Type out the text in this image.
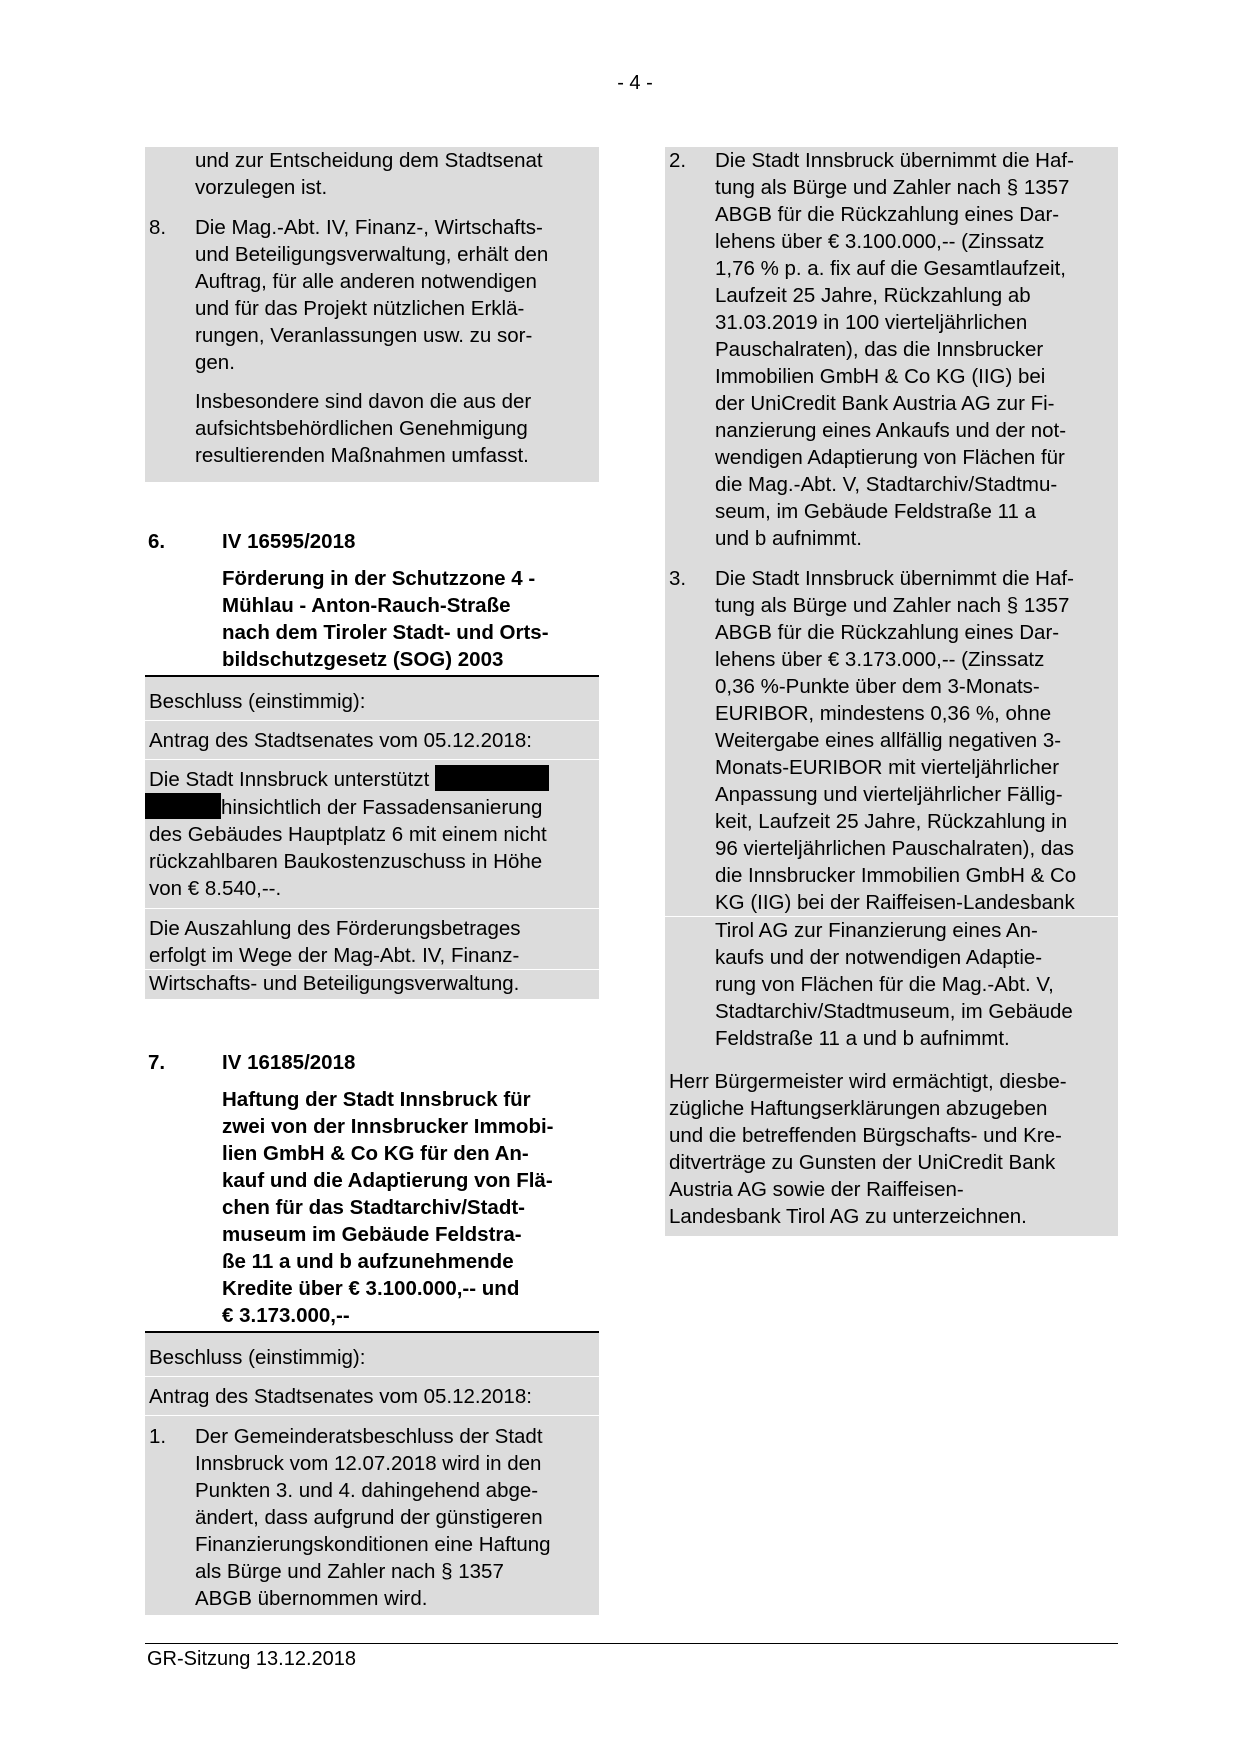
- 4 -
und zur Entscheidung dem Stadtsenat
vorzulegen ist.
8.	Die Mag.-Abt. IV, Finanz-, Wirtschafts-
und Beteiligungsverwaltung, erhält den
Auftrag, für alle anderen notwendigen
und für das Projekt nützlichen Erklä-
rungen, Veranlassungen usw. zu sor-
gen.
Insbesondere sind davon die aus der
aufsichtsbehördlichen Genehmigung
resultierenden Maßnahmen umfasst.
6.	IV 16595/2018
Förderung in der Schutzzone 4 -
Mühlau - Anton-Rauch-Straße
nach dem Tiroler Stadt- und Orts-
bildschutzgesetz (SOG) 2003
Beschluss (einstimmig):
Antrag des Stadtsenates vom 05.12.2018:
Die Stadt Innsbruck unterstützt
hinsichtlich der Fassadensanierung
des Gebäudes Hauptplatz 6 mit einem nicht
rückzahlbaren Baukostenzuschuss in Höhe
von € 8.540,--.
Die Auszahlung des Förderungsbetrages
erfolgt im Wege der Mag-Abt. IV, Finanz-
Wirtschafts- und Beteiligungsverwaltung.
7.	IV 16185/2018
Haftung der Stadt Innsbruck für
zwei von der Innsbrucker Immobi-
lien GmbH & Co KG für den An-
kauf und die Adaptierung von Flä-
chen für das Stadtarchiv/Stadt-
museum im Gebäude Feldstra-
ße 11 a und b aufzunehmende
Kredite über € 3.100.000,-- und
€ 3.173.000,--
Beschluss (einstimmig):
Antrag des Stadtsenates vom 05.12.2018:
1.	Der Gemeinderatsbeschluss der Stadt
Innsbruck vom 12.07.2018 wird in den
Punkten 3. und 4. dahingehend abge-
ändert, dass aufgrund der günstigeren
Finanzierungskonditionen eine Haftung
als Bürge und Zahler nach § 1357
ABGB übernommen wird.
2.	Die Stadt Innsbruck übernimmt die Haf-
tung als Bürge und Zahler nach § 1357
ABGB für die Rückzahlung eines Dar-
lehens über € 3.100.000,-- (Zinssatz
1,76 % p. a. fix auf die Gesamtlaufzeit,
Laufzeit 25 Jahre, Rückzahlung ab
31.03.2019 in 100 vierteljährlichen
Pauschalraten), das die Innsbrucker
Immobilien GmbH & Co KG (IIG) bei
der UniCredit Bank Austria AG zur Fi-
nanzierung eines Ankaufs und der not-
wendigen Adaptierung von Flächen für
die Mag.-Abt. V, Stadtarchiv/Stadtmu-
seum, im Gebäude Feldstraße 11 a
und b aufnimmt.
3.	Die Stadt Innsbruck übernimmt die Haf-
tung als Bürge und Zahler nach § 1357
ABGB für die Rückzahlung eines Dar-
lehens über € 3.173.000,-- (Zinssatz
0,36 %-Punkte über dem 3-Monats-
EURIBOR, mindestens 0,36 %, ohne
Weitergabe eines allfällig negativen 3-
Monats-EURIBOR mit vierteljährlicher
Anpassung und vierteljährlicher Fällig-
keit, Laufzeit 25 Jahre, Rückzahlung in
96 vierteljährlichen Pauschalraten), das
die Innsbrucker Immobilien GmbH & Co
KG (IIG) bei der Raiffeisen-Landesbank
Tirol AG zur Finanzierung eines An-
kaufs und der notwendigen Adaptie-
rung von Flächen für die Mag.-Abt. V,
Stadtarchiv/Stadtmuseum, im Gebäude
Feldstraße 11 a und b aufnimmt.
Herr Bürgermeister wird ermächtigt, diesbe-
zügliche Haftungserklärungen abzugeben
und die betreffenden Bürgschafts- und Kre-
ditverträge zu Gunsten der UniCredit Bank
Austria AG sowie der Raiffeisen-
Landesbank Tirol AG zu unterzeichnen.
GR-Sitzung 13.12.2018
